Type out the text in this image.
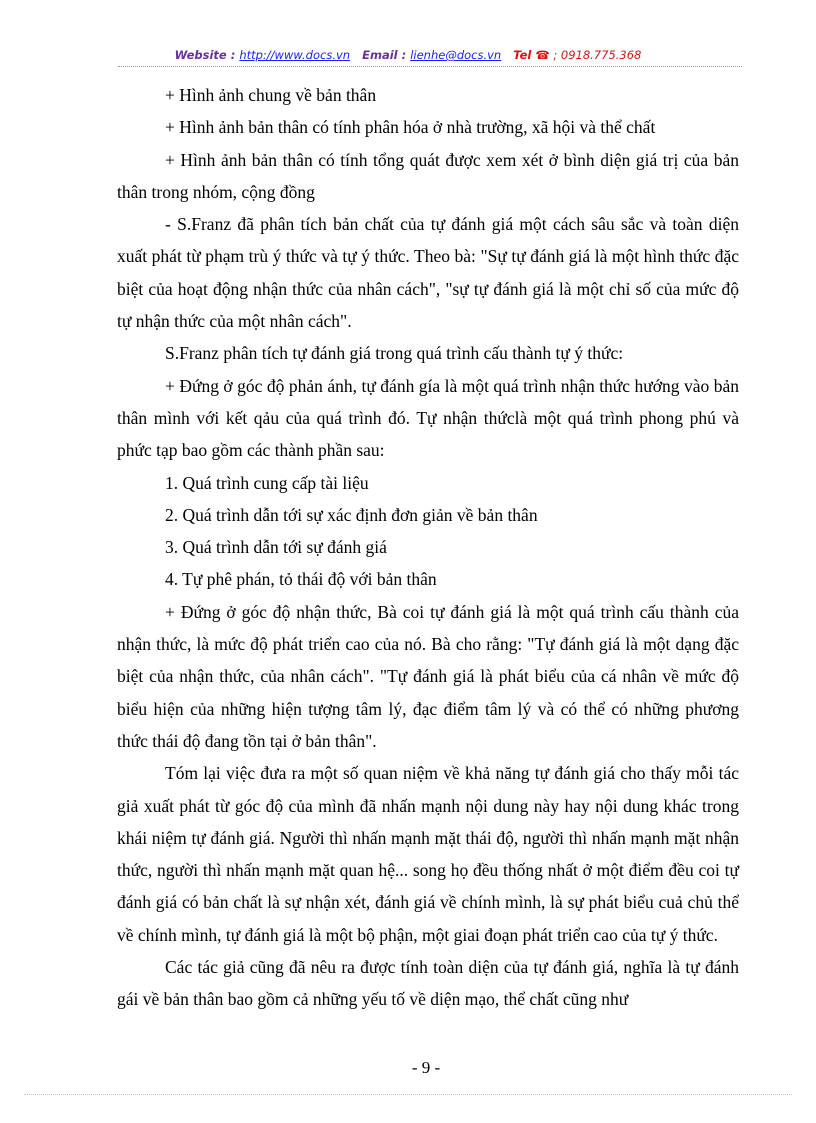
Website : http://www.docs.vn Email : lienhe@docs.vn Tel ☎ ; 0918.775.368

+ Hình ảnh chung về bản thân

+ Hình ảnh bản thân có tính phân hóa ở nhà trường, xã hội và thể chất

+ Hình ảnh bản thân có tính tổng quát được xem xét ở bình diện giá trị của bản thân trong nhóm, cộng đồng

- S.Franz đã phân tích bản chất của tự đánh giá một cách sâu sắc và toàn diện xuất phát từ phạm trù ý thức và tự ý thức. Theo bà: "Sự tự đánh giá là một hình thức đặc biệt của hoạt động nhận thức của nhân cách", "sự tự đánh giá là một chỉ số của mức độ tự nhận thức của một nhân cách".

S.Franz phân tích tự đánh giá trong quá trình cấu thành tự ý thức:

+ Đứng ở góc độ phản ánh, tự đánh gía là một quá trình nhận thức hướng vào bản thân mình với kết qảu của quá trình đó. Tự nhận thứclà một quá trình phong phú và phức tạp bao gồm các thành phần sau:

1. Quá trình cung cấp tài liệu

2. Quá trình dẫn tới sự xác định đơn giản về bản thân

3. Quá trình dẫn tới sự đánh giá

4. Tự phê phán, tỏ thái độ với bản thân

+ Đứng ở góc độ nhận thức, Bà coi tự đánh giá là một quá trình cấu thành của nhận thức, là mức độ phát triển cao của nó. Bà cho rằng: "Tự đánh giá là một dạng đặc biệt của nhận thức, của nhân cách". "Tự đánh giá là phát biểu của cá nhân về mức độ biểu hiện của những hiện tượng tâm lý, đạc điểm tâm lý và có thể có những phương thức thái độ đang tồn tại ở bản thân".

Tóm lại việc đưa ra một số quan niệm về khả năng tự đánh giá cho thấy mỗi tác giả xuất phát từ góc độ của mình đã nhấn mạnh nội dung này hay nội dung khác trong khái niệm tự đánh giá. Người thì nhấn mạnh mặt thái độ, người thì nhấn mạnh mặt nhận thức, người thì nhấn mạnh mặt quan hệ... song họ đều thống nhất ở một điểm đều coi tự đánh giá có bản chất là sự nhận xét, đánh giá về chính mình, là sự phát biểu cuả chủ thể về chính mình, tự đánh giá là một bộ phận, một giai đoạn phát triển cao của tự ý thức.

Các tác giả cũng đã nêu ra được tính toàn diện của tự đánh giá, nghĩa là tự đánh gái về bản thân bao gồm cả những yếu tố về diện mạo, thể chất cũng như

- 9 -
